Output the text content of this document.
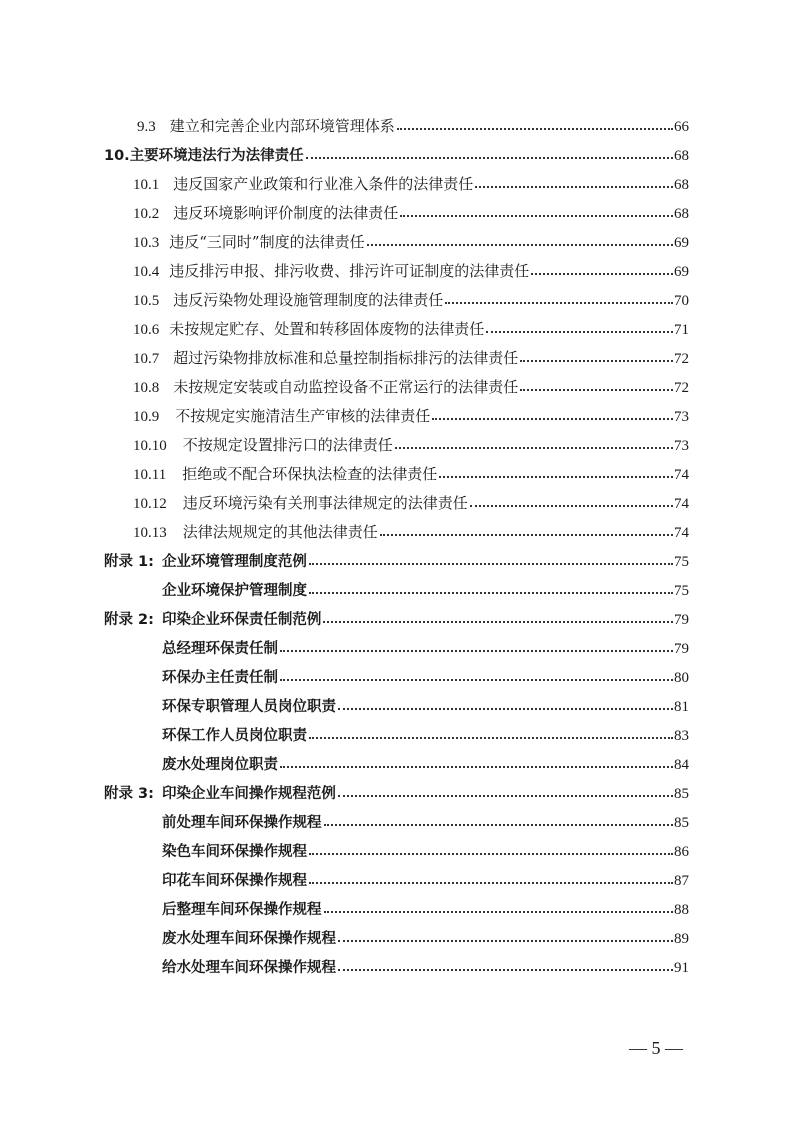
9.3 建立和完善企业内部环境管理体系	66
10.主要环境违法行为法律责任	68
10.1 违反国家产业政策和行业准入条件的法律责任	68
10.2 违反环境影响评价制度的法律责任	68
10.3 违反“三同时”制度的法律责任	69
10.4 违反排污申报、排污收费、排污许可证制度的法律责任	69
10.5 违反污染物处理设施管理制度的法律责任	70
10.6 未按规定贮存、处置和转移固体废物的法律责任	71
10.7 超过污染物排放标准和总量控制指标排污的法律责任	72
10.8 未按规定安装或自动监控设备不正常运行的法律责任	72
10.9 不按规定实施清洁生产审核的法律责任	73
10.10 不按规定设置排污口的法律责任	73
10.11 拒绝或不配合环保执法检查的法律责任	74
10.12 违反环境污染有关刑事法律规定的法律责任	74
10.13 法律法规规定的其他法律责任	74
附录 1: 企业环境管理制度范例	75
企业环境保护管理制度	75
附录 2: 印染企业环保责任制范例	79
总经理环保责任制	79
环保办主任责任制	80
环保专职管理人员岗位职责	81
环保工作人员岗位职责	83
废水处理岗位职责	84
附录 3: 印染企业车间操作规程范例	85
前处理车间环保操作规程	85
染色车间环保操作规程	86
印花车间环保操作规程	87
后整理车间环保操作规程	88
废水处理车间环保操作规程	89
给水处理车间环保操作规程	91
— 5 —
